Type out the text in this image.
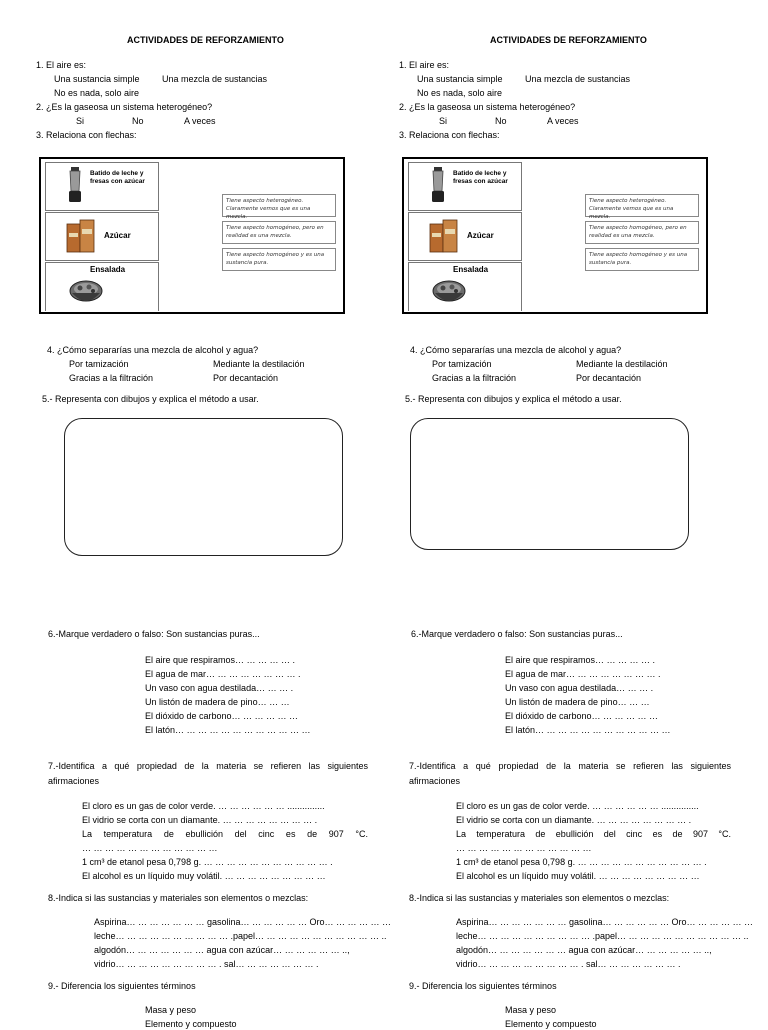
ACTIVIDADES DE REFORZAMIENTO
1. El aire es:
Una sustancia simple Una mezcla de sustancias
No es nada, solo aire
2. ¿Es la gaseosa un sistema heterogéneo?
Si	No	A veces
3. Relaciona con flechas:
Batido de leche y fresas con azúcar
Azúcar
Ensalada
Tiene aspecto heterogéneo. Claramente vemos que es una mezcla.
Tiene aspecto homogéneo, pero en realidad es una mezcla.
Tiene aspecto homogéneo y es una sustancia pura.
4. ¿Cómo separarías una mezcla de alcohol y agua?
Por tamización	Mediante la destilación
Gracias a la filtración	Por decantación
5.- Representa con dibujos y explica el método a usar.
6.-Marque verdadero o falso: Son sustancias puras...
El aire que respiramos… … … … … .
El agua de mar… … … … … … … … .
Un vaso con agua destilada… … … .
Un listón de madera de pino… … …
El dióxido de carbono… … … … … …
El latón… … … … … … … … … … … …
7.-Identifica a qué propiedad de la materia se refieren las siguientes afirmaciones
El cloro es un gas de color verde. … … … … … … ...............
El vidrio se corta con un diamante. … … … … … … … … .
La temperatura de ebullición del cinc es de 907 °C.
… … … … … … … … … … … …
1 cm³ de etanol pesa 0,798 g. … … … … … … … … … … … .
El alcohol es un líquido muy volátil. … … … … … … … … …
8.-Indica si las sustancias y materiales son elementos o mezclas:
Aspirina… … … … … … … gasolina… … … … … … Oro… … … … … …
leche… … … … … … … … … … .papel… … … … … … … … … … … ..
algodón… … … … … … … agua con azúcar… … … … … … ..,
vidrio… … … … … … … … … . sal… … … … … … … .
9.- Diferencia los siguientes términos
Masa y peso
Elemento y compuesto
ACTIVIDADES DE REFORZAMIENTO
1. El aire es:
Una sustancia simple Una mezcla de sustancias
No es nada, solo aire
2. ¿Es la gaseosa un sistema heterogéneo?
Si	No	A veces
3. Relaciona con flechas:
Batido de leche y fresas con azúcar
Azúcar
Ensalada
Tiene aspecto heterogéneo. Claramente vemos que es una mezcla.
Tiene aspecto homogéneo, pero en realidad es una mezcla.
Tiene aspecto homogéneo y es una sustancia pura.
4. ¿Cómo separarías una mezcla de alcohol y agua?
Por tamización	Mediante la destilación
Gracias a la filtración	Por decantación
5.- Representa con dibujos y explica el método a usar.
6.-Marque verdadero o falso: Son sustancias puras...
El aire que respiramos… … … … … .
El agua de mar… … … … … … … … .
Un vaso con agua destilada… … … .
Un listón de madera de pino… … …
El dióxido de carbono… … … … … …
El latón… … … … … … … … … … … …
7.-Identifica a qué propiedad de la materia se refieren las siguientes afirmaciones
El cloro es un gas de color verde. … … … … … … ...............
El vidrio se corta con un diamante. … … … … … … … … .
La temperatura de ebullición del cinc es de 907 °C.
… … … … … … … … … … … …
1 cm³ de etanol pesa 0,798 g. … … … … … … … … … … … .
El alcohol es un líquido muy volátil. … … … … … … … … …
8.-Indica si las sustancias y materiales son elementos o mezclas:
Aspirina… … … … … … … gasolina… … … … … … Oro… … … … … …
leche… … … … … … … … … … .papel… … … … … … … … … … … ..
algodón… … … … … … … agua con azúcar… … … … … … ..,
vidrio… … … … … … … … … . sal… … … … … … … .
9.- Diferencia los siguientes términos
Masa y peso
Elemento y compuesto
